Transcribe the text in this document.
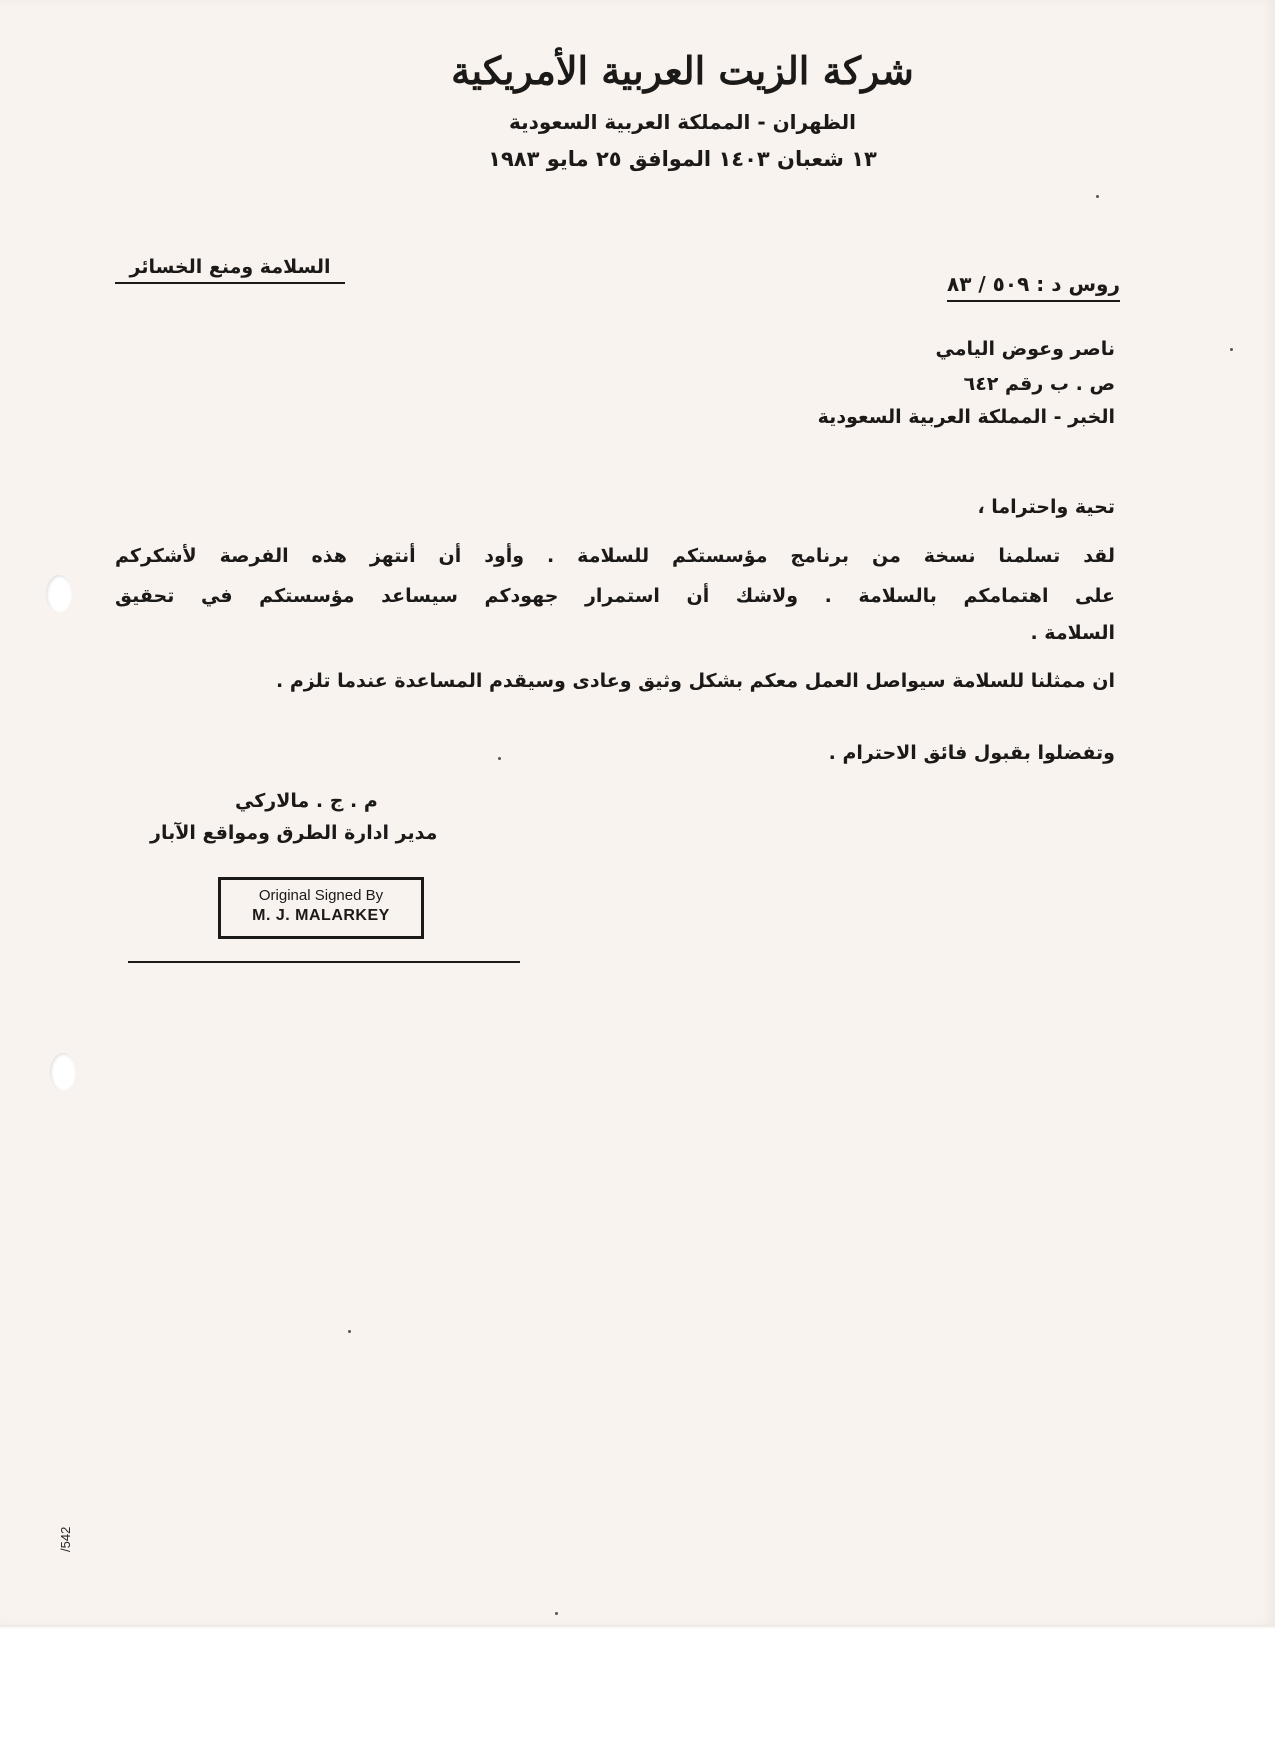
شركة الزيت العربية الأمريكية
الظهران - المملكة العربية السعودية
١٣ شعبان ١٤٠٣ الموافق ٢٥ مايو ١٩٨٣
السلامة ومنع الخسائر
روس د : ٥٠٩ / ٨٣
ناصر وعوض اليامي
ص . ب رقم ٦٤٢
الخبر - المملكة العربية السعودية
تحية واحتراما ،
لقد تسلمنا نسخة من برنامج مؤسستكم للسلامة . وأود أن أنتهز هذه الفرصة لأشكركم
على اهتمامكم بالسلامة . ولاشك أن استمرار جهودكم سيساعد مؤسستكم في تحقيق
السلامة .
ان ممثلنا للسلامة سيواصل العمل معكم بشكل وثيق وعادى وسيقدم المساعدة عندما تلزم .
وتفضلوا بقبول فائق الاحترام .
م . ج . مالاركي
مدير ادارة الطرق ومواقع الآبار
Original Signed By
M. J. MALARKEY
/542
